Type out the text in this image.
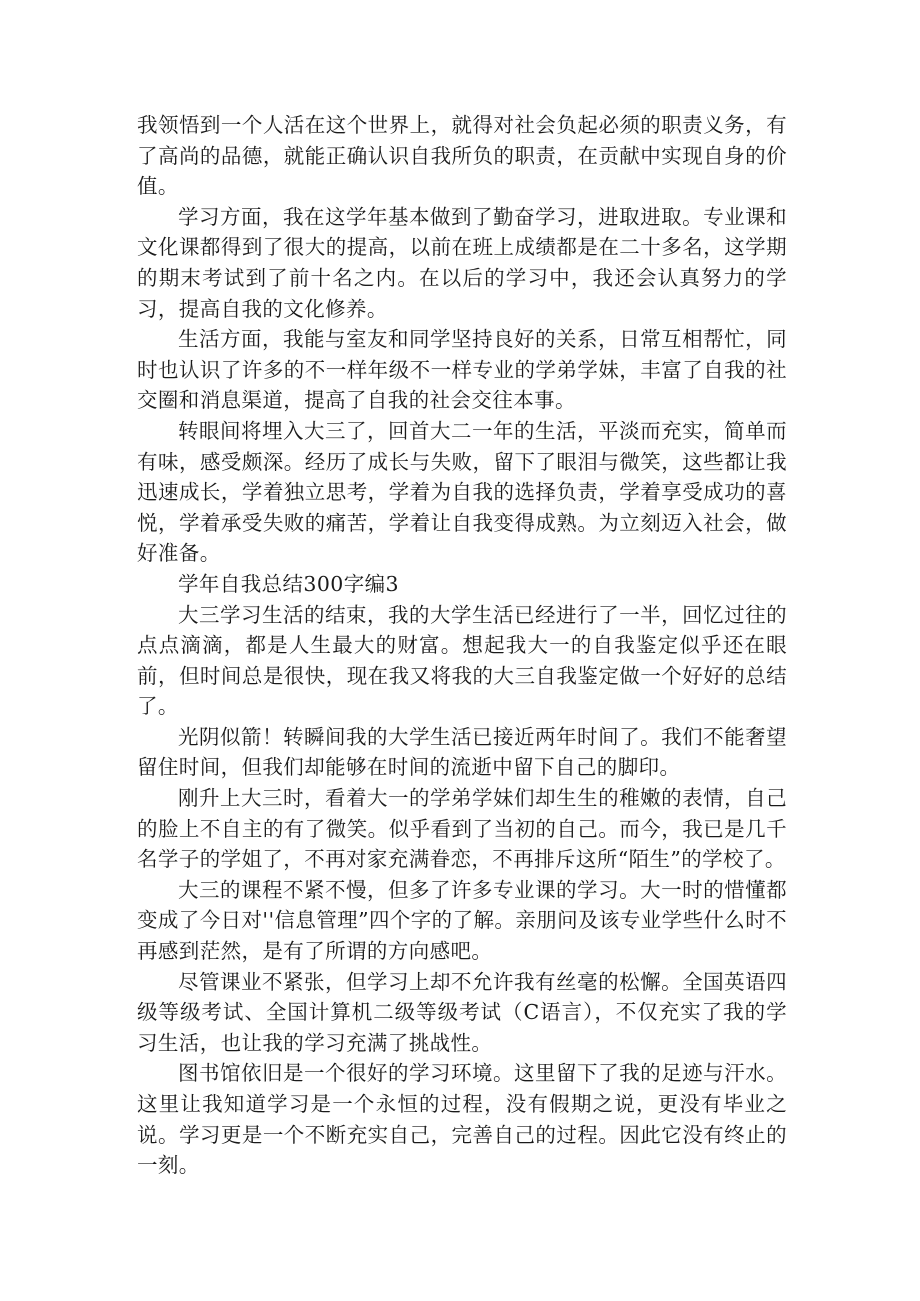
我领悟到一个人活在这个世界上，就得对社会负起必须的职责义务，有了高尚的品德，就能正确认识自我所负的职责，在贡献中实现自身的价值。

学习方面，我在这学年基本做到了勤奋学习，进取进取。专业课和文化课都得到了很大的提高，以前在班上成绩都是在二十多名，这学期的期末考试到了前十名之内。在以后的学习中，我还会认真努力的学习，提高自我的文化修养。

生活方面，我能与室友和同学坚持良好的关系，日常互相帮忙，同时也认识了许多的不一样年级不一样专业的学弟学妹，丰富了自我的社交圈和消息渠道，提高了自我的社会交往本事。

转眼间将埋入大三了，回首大二一年的生活，平淡而充实，简单而有味，感受颇深。经历了成长与失败，留下了眼泪与微笑，这些都让我迅速成长，学着独立思考，学着为自我的选择负责，学着享受成功的喜悦，学着承受失败的痛苦，学着让自我变得成熟。为立刻迈入社会，做好准备。

学年自我总结300字编3

大三学习生活的结束，我的大学生活已经进行了一半，回忆过往的点点滴滴，都是人生最大的财富。想起我大一的自我鉴定似乎还在眼前，但时间总是很快，现在我又将我的大三自我鉴定做一个好好的总结了。

光阴似箭！转瞬间我的大学生活已接近两年时间了。我们不能奢望留住时间，但我们却能够在时间的流逝中留下自己的脚印。

刚升上大三时，看着大一的学弟学妹们却生生的稚嫩的表情，自己的脸上不自主的有了微笑。似乎看到了当初的自己。而今，我已是几千名学子的学姐了，不再对家充满眷恋，不再排斥这所“陌生”的学校了。

大三的课程不紧不慢，但多了许多专业课的学习。大一时的惜懂都变成了今日对''信息管理”四个字的了解。亲朋问及该专业学些什么时不再感到茫然，是有了所谓的方向感吧。

尽管课业不紧张，但学习上却不允许我有丝毫的松懈。全国英语四级等级考试、全国计算机二级等级考试（C语言），不仅充实了我的学习生活，也让我的学习充满了挑战性。

图书馆依旧是一个很好的学习环境。这里留下了我的足迹与汗水。这里让我知道学习是一个永恒的过程，没有假期之说，更没有毕业之说。学习更是一个不断充实自己，完善自己的过程。因此它没有终止的一刻。
